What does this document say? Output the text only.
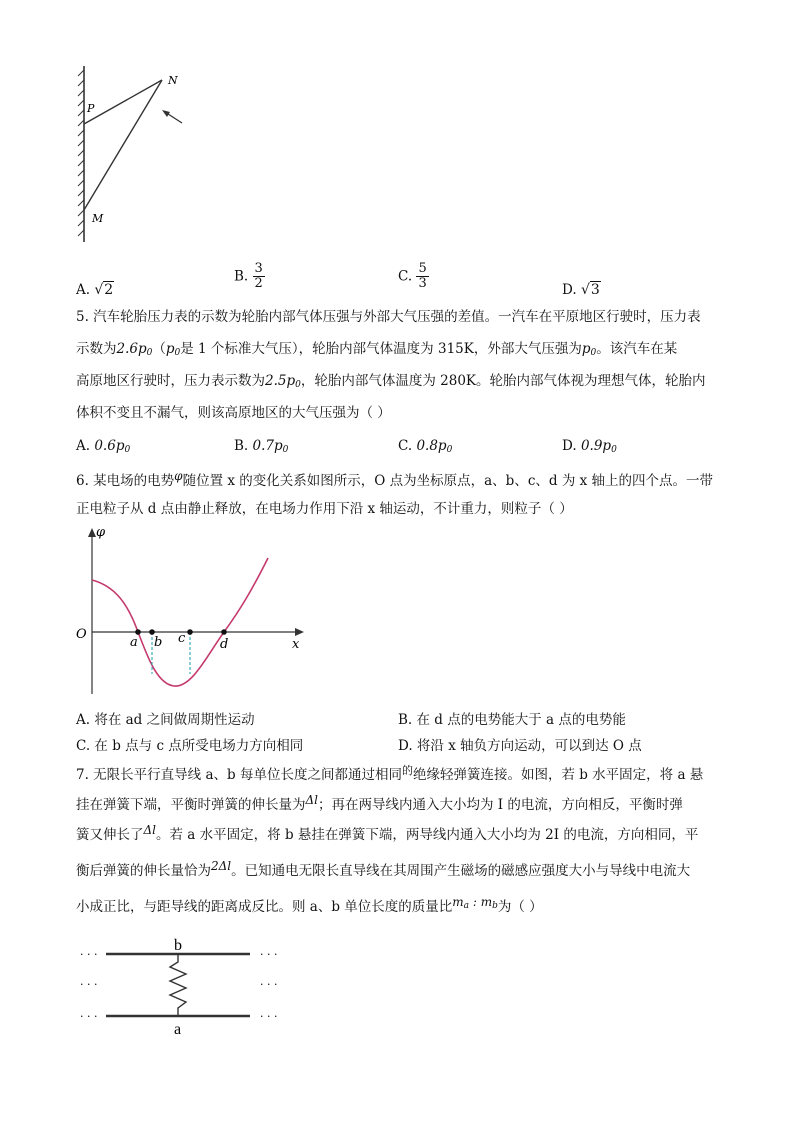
N
P
M
A. √2
B. $\frac{3}{2}$	C. $\frac{5}{3}$	D. √3
5. 汽车轮胎压力表的示数为轮胎内部气体压强与外部大气压强的差值。一汽车在平原地区行驶时，压力表
示数为2.6p0（p0是 1 个标准大气压），轮胎内部气体温度为 315K，外部大气压强为p0。该汽车在某
高原地区行驶时，压力表示数为2.5p0，轮胎内部气体温度为 280K。轮胎内部气体视为理想气体，轮胎内
体积不变且不漏气，则该高原地区的大气压强为（ ）
A. 0.6p0	B. 0.7p0	C. 0.8p0	D. 0.9p0
6. 某电场的电势φ随位置 x 的变化关系如图所示，O 点为坐标原点，a、b、c、d 为 x 轴上的四个点。一带
正电粒子从 d 点由静止释放，在电场力作用下沿 x 轴运动，不计重力，则粒子（ ）
φ
x
O
a b c	d
A. 将在 ad 之间做周期性运动	B. 在 d 点的电势能大于 a 点的电势能
C. 在 b 点与 c 点所受电场力方向相同	D. 将沿 x 轴负方向运动，可以到达 O 点
7. 无限长平行直导线 a、b 每单位长度之间都通过相同$^的$绝缘轻弹簧连接。如图，若 b 水平固定，将 a 悬
挂在弹簧下端，平衡时弹簧的伸长量为Δl；再在两导线内通入大小均为 I 的电流，方向相反，平衡时弹
簧又伸长了Δl。若 a 水平固定，将 b 悬挂在弹簧下端，两导线内通入大小均为 2I 的电流，方向相同，平
衡后弹簧的伸长量恰为2Δl。已知通电无限长直导线在其周围产生磁场的磁感应强度大小与导线中电流大
小成正比，与距导线的距离成反比。则 a、b 单位长度的质量比ma : mb为（ ）
b
a
· · ·	· · ·
· · ·	· · ·
· · ·	· · ·
